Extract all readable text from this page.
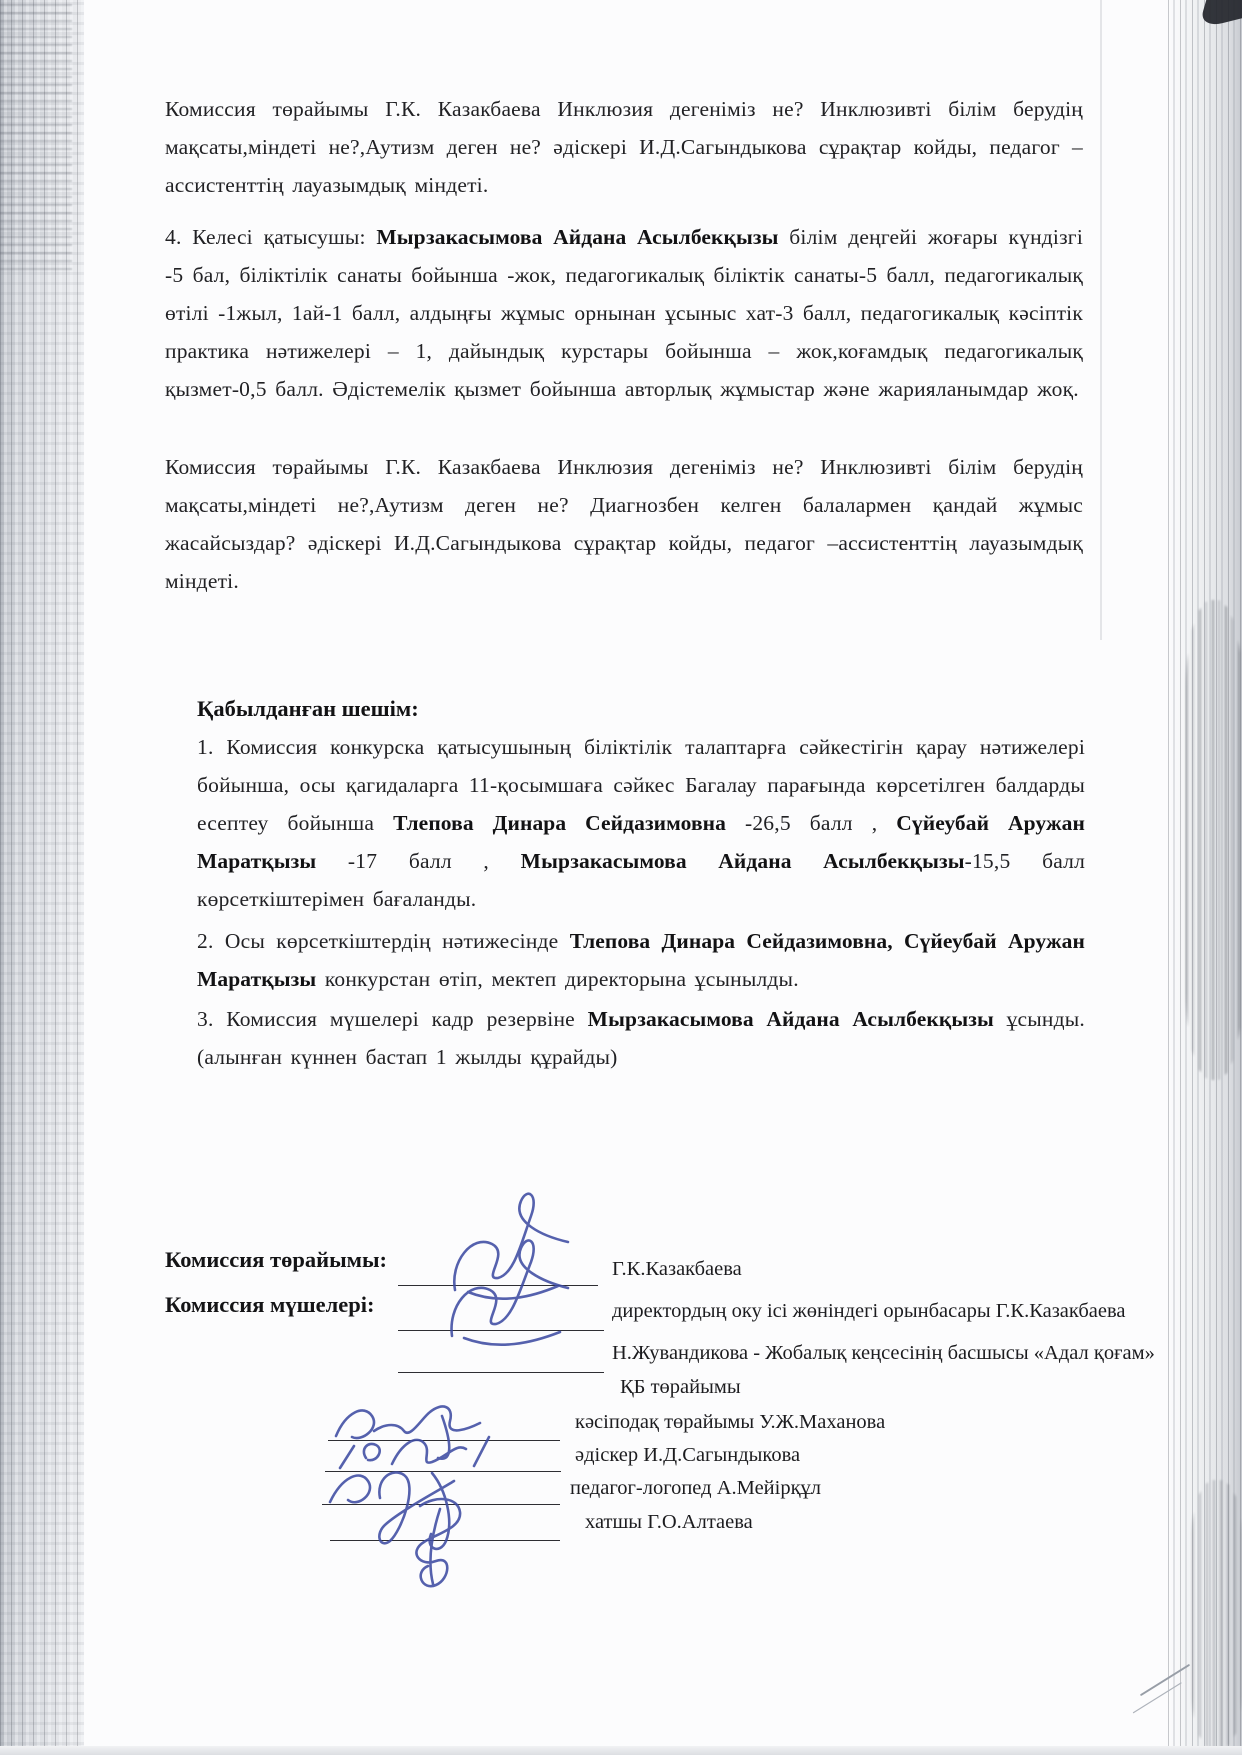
Комиссия төрайымы Г.К. Казакбаева Инклюзия дегеніміз не? Инклюзивті білім берудің мақсаты,міндеті не?,Аутизм деген не? әдіскері И.Д.Сагындыкова сұрақтар койды, педагог –ассистенттің лауазымдық міндеті.

4. Келесі қатысушы: Мырзакасымова Айдана Асылбекқызы білім деңгейі жоғары күндізгі -5 бал, біліктілік санаты бойынша -жок, педагогикалық біліктік санаты-5 балл, педагогикалық өтілі -1жыл, 1ай-1 балл, алдыңғы жұмыс орнынан ұсыныс хат-3 балл, педагогикалық кәсіптік практика нәтижелері – 1, дайындық курстары бойынша – жок,коғамдық педагогикалық қызмет-0,5 балл. Әдістемелік қызмет бойынша авторлық жұмыстар және жарияланымдар жоқ.

Комиссия төрайымы Г.К. Казакбаева Инклюзия дегеніміз не? Инклюзивті білім берудің мақсаты,міндеті не?,Аутизм деген не? Диагнозбен келген балалармен қандай жұмыс жасайсыздар? әдіскері И.Д.Сагындыкова сұрақтар койды, педагог –ассистенттің лауазымдық міндеті.

Қабылданған шешім:

1. Комиссия конкурска қатысушының біліктілік талаптарға сәйкестігін қарау нәтижелері бойынша, осы қагидаларга 11-қосымшаға сәйкес Багалау парағында көрсетілген балдарды есептеу бойынша Тлепова Динара Сейдазимовна -26,5 балл , Сүйеубай Аружан Маратқызы -17 балл , Мырзакасымова Айдана Асылбекқызы-15,5 балл көрсеткіштерімен бағаланды.

2. Осы көрсеткіштердің нәтижесінде Тлепова Динара Сейдазимовна, Сүйеубай Аружан Маратқызы конкурстан өтіп, мектеп директорына ұсынылды.

3. Комиссия мүшелері кадр резервіне Мырзакасымова Айдана Асылбекқызы ұсынды.(алынған күннен бастап 1 жылды құрайды)

Комиссия төрайымы:
Комиссия мүшелері:
Г.К.Казакбаева
директордың оку ісі жөніндегі орынбасары Г.К.Казакбаева
Н.Жувандикова - Жобалық кеңсесінің басшысы «Адал қоғам»
ҚБ төрайымы
кәсіподақ төрайымы У.Ж.Маханова
әдіскер И.Д.Сагындыкова
педагог-логопед А.Мейірқұл
хатшы Г.О.Алтаева
